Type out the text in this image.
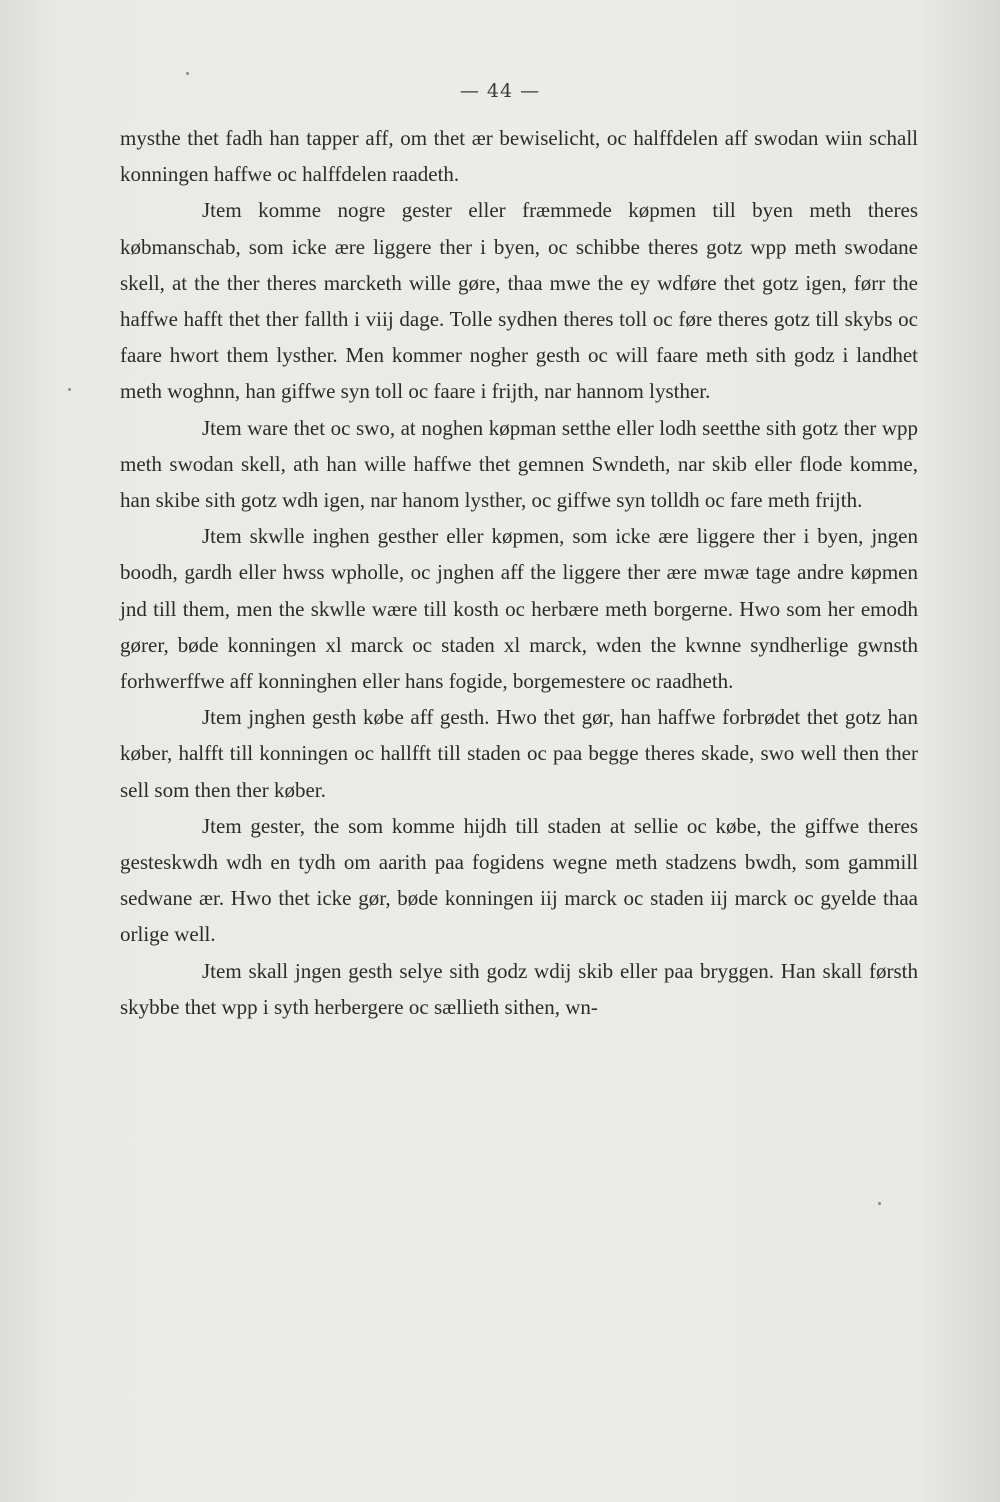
— 44 —

mysthe thet fadh han tapper aff, om thet ær bewiselicht, oc halffdelen aff swodan wiin schall konningen haffwe oc halffdelen raadeth.

Jtem komme nogre gester eller fræmmede køpmen till byen meth theres købmanschab, som icke ære liggere ther i byen, oc schibbe theres gotz wpp meth swodane skell, at the ther theres marcketh wille gøre, thaa mwe the ey wdføre thet gotz igen, førr the haffwe hafft thet ther fallth i viij dage. Tolle sydhen theres toll oc føre theres gotz till skybs oc faare hwort them lysther. Men kommer nogher gesth oc will faare meth sith godz i landhet meth woghnn, han giffwe syn toll oc faare i frijth, nar hannom lysther.

Jtem ware thet oc swo, at noghen køpman setthe eller lodh seetthe sith gotz ther wpp meth swodan skell, ath han wille haffwe thet gemnen Swndeth, nar skib eller flode komme, han skibe sith gotz wdh igen, nar hanom lysther, oc giffwe syn tolldh oc fare meth frijth.

Jtem skwlle inghen gesther eller køpmen, som icke ære liggere ther i byen, jngen boodh, gardh eller hwss wpholle, oc jnghen aff the liggere ther ære mwæ tage andre køpmen jnd till them, men the skwlle wære till kosth oc herbære meth borgerne. Hwo som her emodh gører, bøde konningen xl marck oc staden xl marck, wden the kwnne syndherlige gwnsth forhwerffwe aff konninghen eller hans fogide, borgemestere oc raadheth.

Jtem jnghen gesth købe aff gesth. Hwo thet gør, han haffwe forbrødet thet gotz han køber, halfft till konningen oc hallfft till staden oc paa begge theres skade, swo well then ther sell som then ther køber.

Jtem gester, the som komme hijdh till staden at sellie oc købe, the giffwe theres gesteskwdh wdh en tydh om aarith paa fogidens wegne meth stadzens bwdh, som gammill sedwane ær. Hwo thet icke gør, bøde konningen iij marck oc staden iij marck oc gyelde thaa orlige well.

Jtem skall jngen gesth selye sith godz wdij skib eller paa bryggen. Han skall førsth skybbe thet wpp i syth herbergere oc sællieth sithen, wn-
